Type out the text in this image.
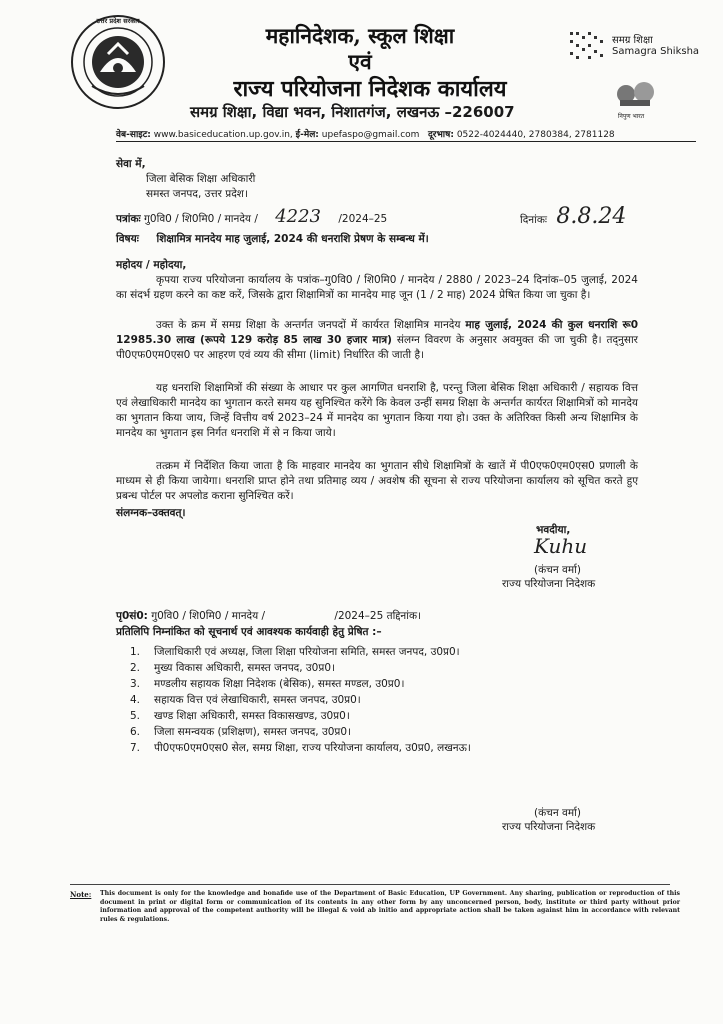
उत्तर प्रदेश सरकार
महानिदेशक, स्कूल शिक्षा
एवं
राज्य परियोजना निदेशक कार्यालय
समग्र शिक्षा, विद्या भवन, निशातगंज, लखनऊ –226007
समग्र शिक्षा
Samagra Shiksha
निपुण भारत
वेब-साइट: www.basiceducation.up.gov.in, ई-मेल: upefaspo@gmail.com दूरभाष: 0522-4024440, 2780384, 2781128
सेवा में,
जिला बेसिक शिक्षा अधिकारी
समस्त जनपद, उत्तर प्रदेश।
पत्रांकः गु0वि0 / शि0मि0 / मानदेय / 4223 /2024–25	दिनांकः 8.8.24
विषयः शिक्षामित्र मानदेय माह जुलाई, 2024 की धनराशि प्रेषण के सम्बन्ध में।
महोदय / महोदया,
कृपया राज्य परियोजना कार्यालय के पत्रांक–गु0वि0 / शि0मि0 / मानदेय / 2880 / 2023–24 दिनांक–05 जुलाई, 2024 का संदर्भ ग्रहण करने का कष्ट करें, जिसके द्वारा शिक्षामित्रों का मानदेय माह जून (1 / 2 माह) 2024 प्रेषित किया जा चुका है।
उक्त के क्रम में समग्र शिक्षा के अन्तर्गत जनपदों में कार्यरत शिक्षामित्र मानदेय माह जुलाई, 2024 की कुल धनराशि रू0 12985.30 लाख (रूपये 129 करोड़ 85 लाख 30 हजार मात्र) संलग्न विवरण के अनुसार अवमुक्त की जा चुकी है। तद्नुसार पी0एफ0एम0एस0 पर आहरण एवं व्यय की सीमा (limit) निर्धारित की जाती है।
यह धनराशि शिक्षामित्रों की संख्या के आधार पर कुल आगणित धनराशि है, परन्तु जिला बेसिक शिक्षा अधिकारी / सहायक वित्त एवं लेखाधिकारी मानदेय का भुगतान करते समय यह सुनिश्चित करेंगे कि केवल उन्हीं समग्र शिक्षा के अन्तर्गत कार्यरत शिक्षामित्रों को मानदेय का भुगतान किया जाय, जिन्हें वित्तीय वर्ष 2023–24 में मानदेय का भुगतान किया गया हो। उक्त के अतिरिक्त किसी अन्य शिक्षामित्र के मानदेय का भुगतान इस निर्गत धनराशि में से न किया जाये।
तत्क्रम में निर्देशित किया जाता है कि माहवार मानदेय का भुगतान सीधे शिक्षामित्रों के खातें में पी0एफ0एम0एस0 प्रणाली के माध्यम से ही किया जायेगा। धनराशि प्राप्त होने तथा प्रतिमाह व्यय / अवशेष की सूचना से राज्य परियोजना कार्यालय को सूचित करते हुए प्रबन्ध पोर्टल पर अपलोड कराना सुनिश्चित करें।
संलग्नक–उक्तवत्।
भवदीया,
Kuhu
(कंचन वर्मा)
राज्य परियोजना निदेशक
पृ0सं0: गु0वि0 / शि0मि0 / मानदेय /	/2024–25 तद्दिनांक।
प्रतिलिपि निम्नांकित को सूचनार्थ एवं आवश्यक कार्यवाही हेतु प्रेषित :–
1. जिलाधिकारी एवं अध्यक्ष, जिला शिक्षा परियोजना समिति, समस्त जनपद, उ0प्र0।
2. मुख्य विकास अधिकारी, समस्त जनपद, उ0प्र0।
3. मण्डलीय सहायक शिक्षा निदेशक (बेसिक), समस्त मण्डल, उ0प्र0।
4. सहायक वित्त एवं लेखाधिकारी, समस्त जनपद, उ0प्र0।
5. खण्ड शिक्षा अधिकारी, समस्त विकासखण्ड, उ0प्र0।
6. जिला समन्वयक (प्रशिक्षण), समस्त जनपद, उ0प्र0।
7. पी0एफ0एम0एस0 सेल, समग्र शिक्षा, राज्य परियोजना कार्यालय, उ0प्र0, लखनऊ।
(कंचन वर्मा)
राज्य परियोजना निदेशक
Note: This document is only for the knowledge and bonafide use of the Department of Basic Education, UP Government. Any sharing, publication or reproduction of this document in print or digital form or communication of its contents in any other form by any unconcerned person, body, institute or third party without prior information and approval of the competent authority will be illegal & void ab initio and appropriate action shall be taken against him in accordance with relevant rules & regulations.
